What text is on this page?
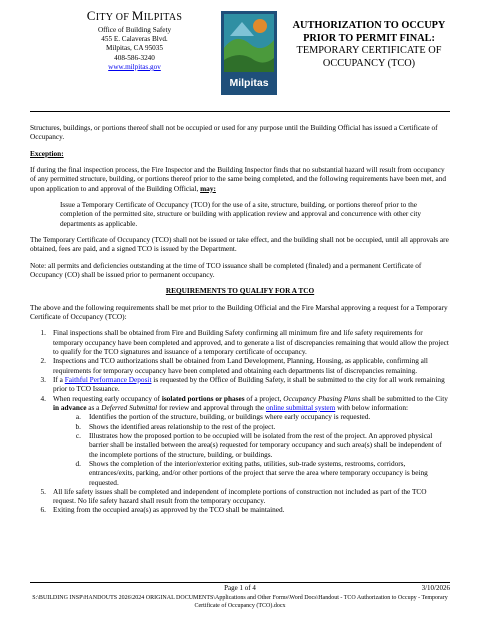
CITY OF MILPITAS
Office of Building Safety
455 E. Calaveras Blvd.
Milpitas, CA 95035
408-586-3240
www.milpitas.gov
Milpitas
AUTHORIZATION TO OCCUPY
PRIOR TO PERMIT FINAL:
TEMPORARY CERTIFICATE OF
OCCUPANCY (TCO)

Structures, buildings, or portions thereof shall not be occupied or used for any purpose until the Building Official has issued a Certificate of Occupancy.

Exception:

If during the final inspection process, the Fire Inspector and the Building Inspector finds that no substantial hazard will result from occupancy of any permitted structure, building, or portions thereof prior to the same being completed, and the following requirements have been met, and upon application to and approval of the Building Official, may:

Issue a Temporary Certificate of Occupancy (TCO) for the use of a site, structure, building, or portions thereof prior to the completion of the permitted site, structure or building with application review and approval and concurrence with other city departments as applicable.

The Temporary Certificate of Occupancy (TCO) shall not be issued or take effect, and the building shall not be occupied, until all approvals are obtained, fees are paid, and a signed TCO is issued by the Department.

Note: all permits and deficiencies outstanding at the time of TCO issuance shall be completed (finaled) and a permanent Certificate of Occupancy (CO) shall be issued prior to permanent occupancy.

REQUIREMENTS TO QUALIFY FOR A TCO

The above and the following requirements shall be met prior to the Building Official and the Fire Marshal approving a request for a Temporary Certificate of Occupancy (TCO):

1. Final inspections shall be obtained from Fire and Building Safety confirming all minimum fire and life safety requirements for temporary occupancy have been completed and approved, and to generate a list of discrepancies remaining that would allow the project to qualify for the TCO signatures and issuance of a temporary certificate of occupancy.
2. Inspections and TCO authorizations shall be obtained from Land Development, Planning, Housing, as applicable, confirming all requirements for temporary occupancy have been completed and obtaining each departments list of discrepancies remaining.
3. If a Faithful Performance Deposit is requested by the Office of Building Safety, it shall be submitted to the city for all work remaining prior to TCO Issuance.
4. When requesting early occupancy of isolated portions or phases of a project, Occupancy Phasing Plans shall be submitted to the City in advance as a Deferred Submittal for review and approval through the online submittal system with below information:
a. Identifies the portion of the structure, building, or buildings where early occupancy is requested.
b. Shows the identified areas relationship to the rest of the project.
c. Illustrates how the proposed portion to be occupied will be isolated from the rest of the project. An approved physical barrier shall be installed between the area(s) requested for temporary occupancy and such area(s) shall be independent of the incomplete portions of the structure, building, or buildings.
d. Shows the completion of the interior/exterior exiting paths, utilities, sub-trade systems, restrooms, corridors, entrances/exits, parking, and/or other portions of the project that serve the area where temporary occupancy is being requested.
5. All life safety issues shall be completed and independent of incomplete portions of construction not included as part of the TCO request. No life safety hazard shall result from the temporary occupancy.
6. Exiting from the occupied area(s) as approved by the TCO shall be maintained.
Page 1 of 4	3/10/2026
S:\BUILDING INSP\HANDOUTS 2026\2024 ORIGINAL DOCUMENTS\Applications and Other Forms\Word Docs\Handout - TCO Authorization to Occupy - Temporary Certificate of Occupancy (TCO).docx
